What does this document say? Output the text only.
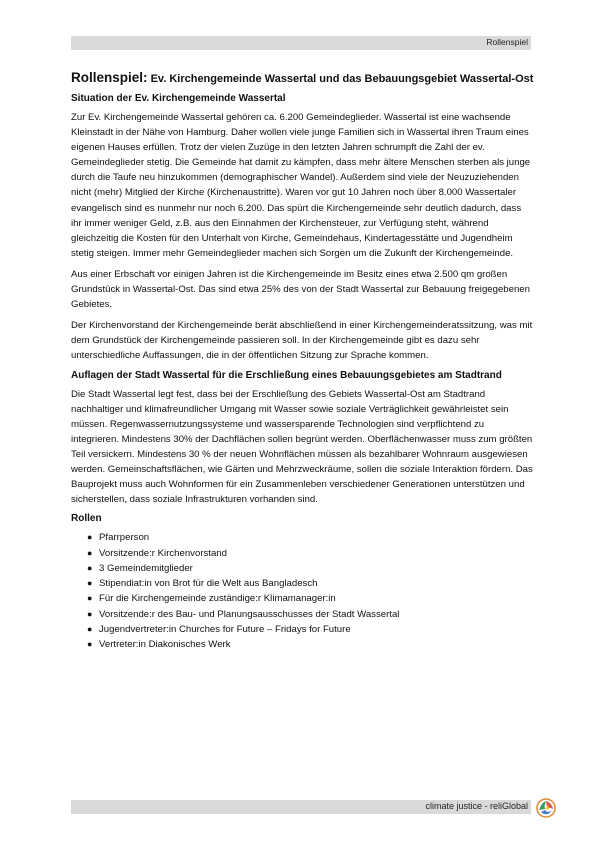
Rollenspiel
Rollenspiel: Ev. Kirchengemeinde Wassertal und das Bebauungsgebiet Wassertal-Ost
Situation der Ev. Kirchengemeinde Wassertal

Zur Ev. Kirchengemeinde Wassertal gehören ca. 6.200 Gemeindeglieder. Wassertal ist eine wachsende Kleinstadt in der Nähe von Hamburg. Daher wollen viele junge Familien sich in Wassertal ihren Traum eines eigenen Hauses erfüllen. Trotz der vielen Zuzüge in den letzten Jahren schrumpft die Zahl der ev. Gemeindeglieder stetig. Die Gemeinde hat damit zu kämpfen, dass mehr ältere Menschen sterben als junge durch die Taufe neu hinzukommen (demographischer Wandel). Außerdem sind viele der Neuzuziehenden nicht (mehr) Mitglied der Kirche (Kirchenaustritte). Waren vor gut 10 Jahren noch über 8.000 Wassertaler evangelisch sind es nunmehr nur noch 6.200. Das spürt die Kirchengemeinde sehr deutlich dadurch, dass ihr immer weniger Geld, z.B. aus den Einnahmen der Kirchensteuer, zur Verfügung steht, während gleichzeitig die Kosten für den Unterhalt von Kirche, Gemeindehaus, Kindertagesstätte und Jugendheim stetig steigen. Immer mehr Gemeindeglieder machen sich Sorgen um die Zukunft der Kirchengemeinde.

Aus einer Erbschaft vor einigen Jahren ist die Kirchengemeinde im Besitz eines etwa 2.500 qm großen Grundstück in Wassertal-Ost. Das sind etwa 25% des von der Stadt Wassertal zur Bebauung freigegebenen Gebietes.

Der Kirchenvorstand der Kirchengemeinde berät abschließend in einer Kirchengemeinderatssitzung, was mit dem Grundstück der Kirchengemeinde passieren soll. In der Kirchengemeinde gibt es dazu sehr unterschiedliche Auffassungen, die in der öffentlichen Sitzung zur Sprache kommen.

Auflagen der Stadt Wassertal für die Erschließung eines Bebauungsgebietes am Stadtrand

Die Stadt Wassertal legt fest, dass bei der Erschließung des Gebiets Wassertal-Ost am Stadtrand nachhaltiger und klimafreundlicher Umgang mit Wasser sowie soziale Verträglichkeit gewährleistet sein müssen. Regenwassernutzungssysteme und wassersparende Technologien sind verpflichtend zu integrieren. Mindestens 30% der Dachflächen sollen begrünt werden. Oberflächenwasser muss zum größten Teil versickern. Mindestens 30 % der neuen Wohnflächen müssen als bezahlbarer Wohnraum ausgewiesen werden. Gemeinschaftsflächen, wie Gärten und Mehrzweckräume, sollen die soziale Interaktion fördern. Das Bauprojekt muss auch Wohnformen für ein Zusammenleben verschiedener Generationen unterstützen und sicherstellen, dass soziale Infrastrukturen vorhanden sind.

Rollen
● Pfarrperson
● Vorsitzende:r Kirchenvorstand
● 3 Gemeindemitglieder
● Stipendiat:in von Brot für die Welt aus Bangladesch
● Für die Kirchengemeinde zuständige:r Klimamanager:in
● Vorsitzende:r des Bau- und Planungsausschusses der Stadt Wassertal
● Jugendvertreter:in Churches for Future – Fridays for Future
● Vertreter:in Diakonisches Werk
climate justice - reliGlobal
